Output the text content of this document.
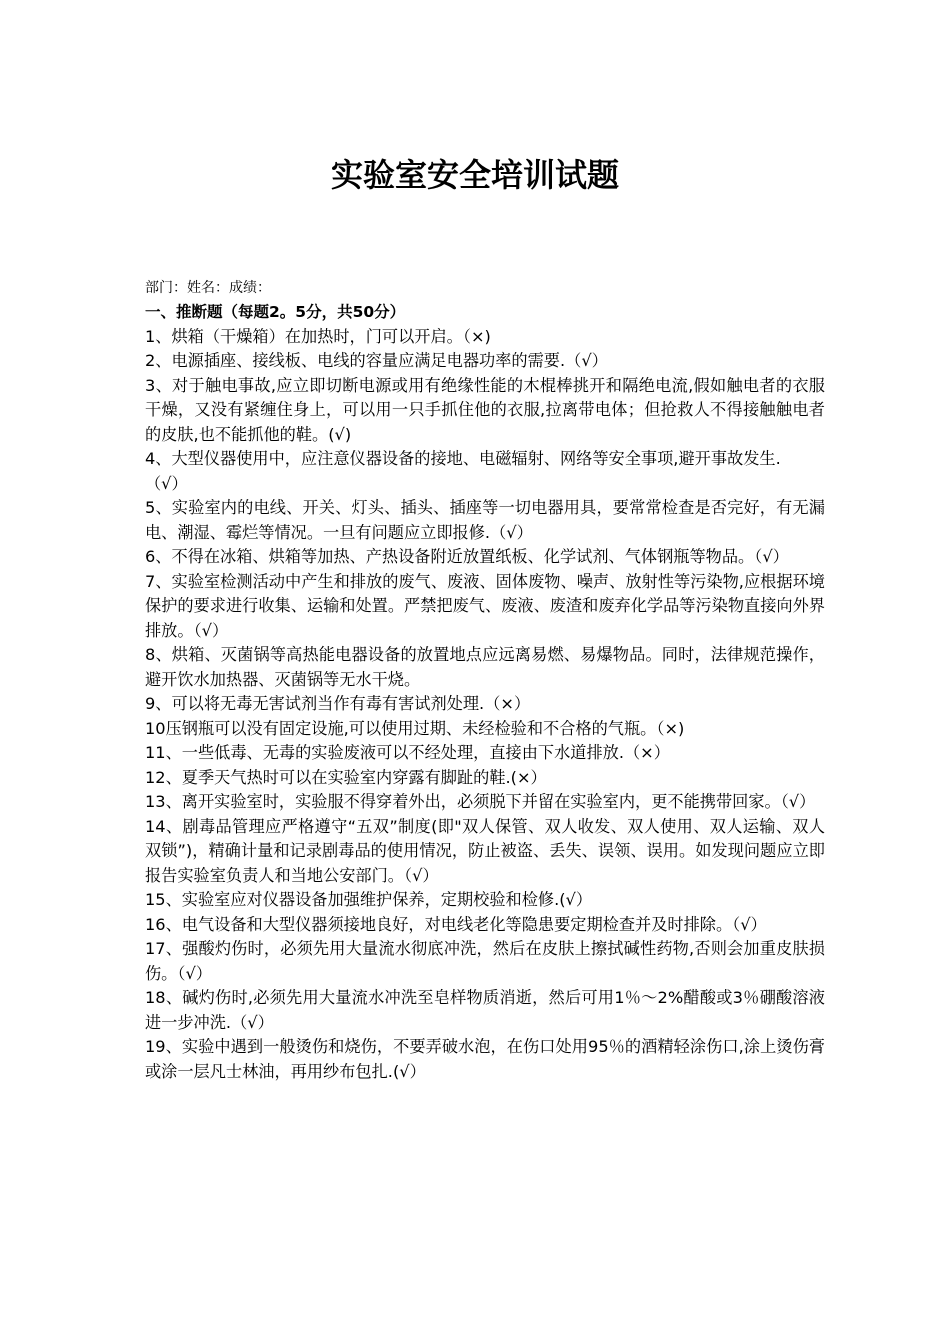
实验室安全培训试题
部门：姓名：成绩：
一、推断题（每题2。5分，共50分）

1、烘箱（干燥箱）在加热时，门可以开启。（×)

2、电源插座、接线板、电线的容量应满足电器功率的需要.（√）

3、对于触电事故,应立即切断电源或用有绝缘性能的木棍棒挑开和隔绝电流,假如触电者的衣服干燥，又没有紧缠住身上，可以用一只手抓住他的衣服,拉离带电体；但抢救人不得接触触电者的皮肤,也不能抓他的鞋。(√)

4、大型仪器使用中，应注意仪器设备的接地、电磁辐射、网络等安全事项,避开事故发生.

（√）

5、实验室内的电线、开关、灯头、插头、插座等一切电器用具，要常常检查是否完好，有无漏电、潮湿、霉烂等情况。一旦有问题应立即报修.（√）

6、不得在冰箱、烘箱等加热、产热设备附近放置纸板、化学试剂、气体钢瓶等物品。（√）

7、实验室检测活动中产生和排放的废气、废液、固体废物、噪声、放射性等污染物,应根据环境保护的要求进行收集、运输和处置。严禁把废气、废液、废渣和废弃化学品等污染物直接向外界排放。（√）

8、烘箱、灭菌锅等高热能电器设备的放置地点应远离易燃、易爆物品。同时，法律规范操作，避开饮水加热器、灭菌锅等无水干烧。

9、可以将无毒无害试剂当作有毒有害试剂处理.（×）

10压钢瓶可以没有固定设施,可以使用过期、未经检验和不合格的气瓶。（×)

11、一些低毒、无毒的实验废液可以不经处理，直接由下水道排放.（×）

12、夏季天气热时可以在实验室内穿露有脚趾的鞋.(×）

13、离开实验室时，实验服不得穿着外出，必须脱下并留在实验室内，更不能携带回家。（√）

14、剧毒品管理应严格遵守“五双”制度(即"双人保管、双人收发、双人使用、双人运输、双人双锁”)，精确计量和记录剧毒品的使用情况，防止被盗、丢失、误领、误用。如发现问题应立即报告实验室负责人和当地公安部门。（√）

15、实验室应对仪器设备加强维护保养，定期校验和检修.(√）

16、电气设备和大型仪器须接地良好，对电线老化等隐患要定期检查并及时排除。（√）

17、强酸灼伤时，必须先用大量流水彻底冲洗，然后在皮肤上擦拭碱性药物,否则会加重皮肤损伤。（√）

18、碱灼伤时,必须先用大量流水冲洗至皂样物质消逝，然后可用1％～2%醋酸或3％硼酸溶液进一步冲洗.（√）

19、实验中遇到一般烫伤和烧伤，不要弄破水泡，在伤口处用95％的酒精轻涂伤口,涂上烫伤膏或涂一层凡士林油，再用纱布包扎.(√）
